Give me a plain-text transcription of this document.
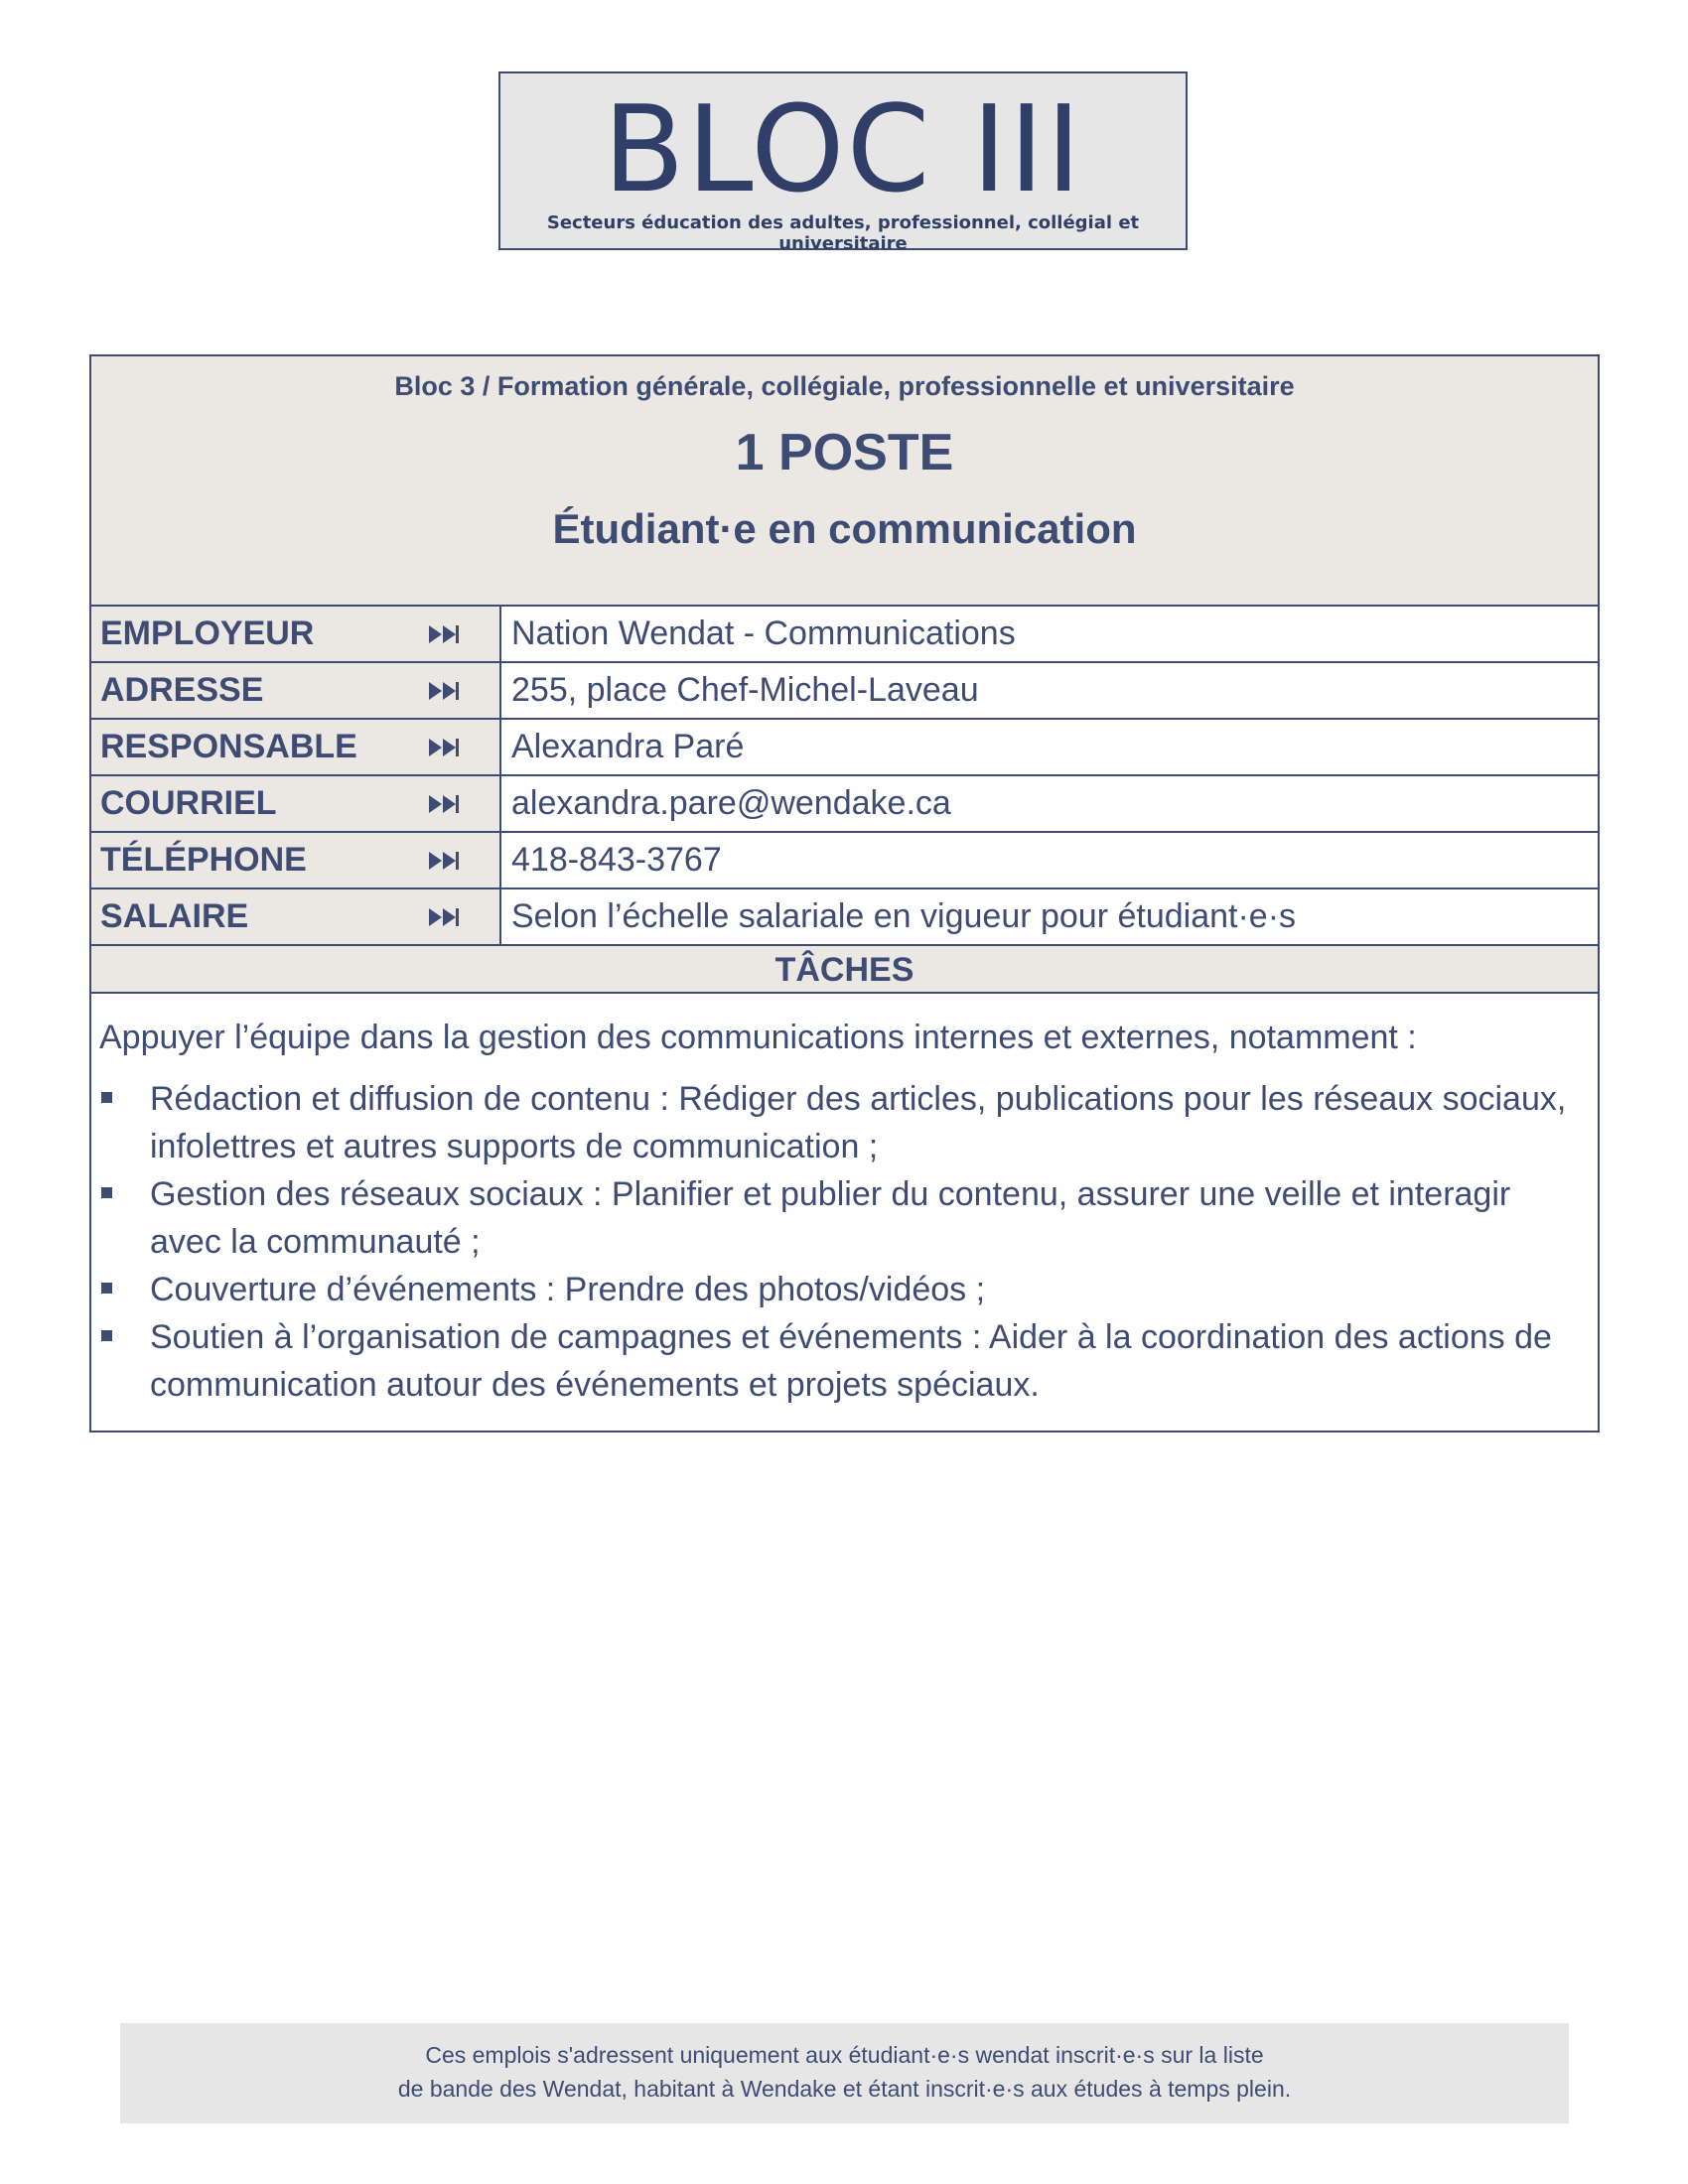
BLOC III
Secteurs éducation des adultes, professionnel, collégial et universitaire
Bloc 3 / Formation générale, collégiale, professionnelle et universitaire
1 POSTE
Étudiant·e en communication
EMPLOYEUR	Nation Wendat - Communications
ADRESSE	255, place Chef-Michel-Laveau
RESPONSABLE	Alexandra Paré
COURRIEL	alexandra.pare@wendake.ca
TÉLÉPHONE	418-843-3767
SALAIRE	Selon l’échelle salariale en vigueur pour étudiant·e·s
TÂCHES
Appuyer l’équipe dans la gestion des communications internes et externes, notamment :
Rédaction et diffusion de contenu : Rédiger des articles, publications pour les réseaux sociaux, infolettres et autres supports de communication ;
Gestion des réseaux sociaux : Planifier et publier du contenu, assurer une veille et interagir avec la communauté ;
Couverture d’événements : Prendre des photos/vidéos ;
Soutien à l’organisation de campagnes et événements : Aider à la coordination des actions de communication autour des événements et projets spéciaux.
Ces emplois s'adressent uniquement aux étudiant·e·s wendat inscrit·e·s sur la liste
de bande des Wendat, habitant à Wendake et étant inscrit·e·s aux études à temps plein.
